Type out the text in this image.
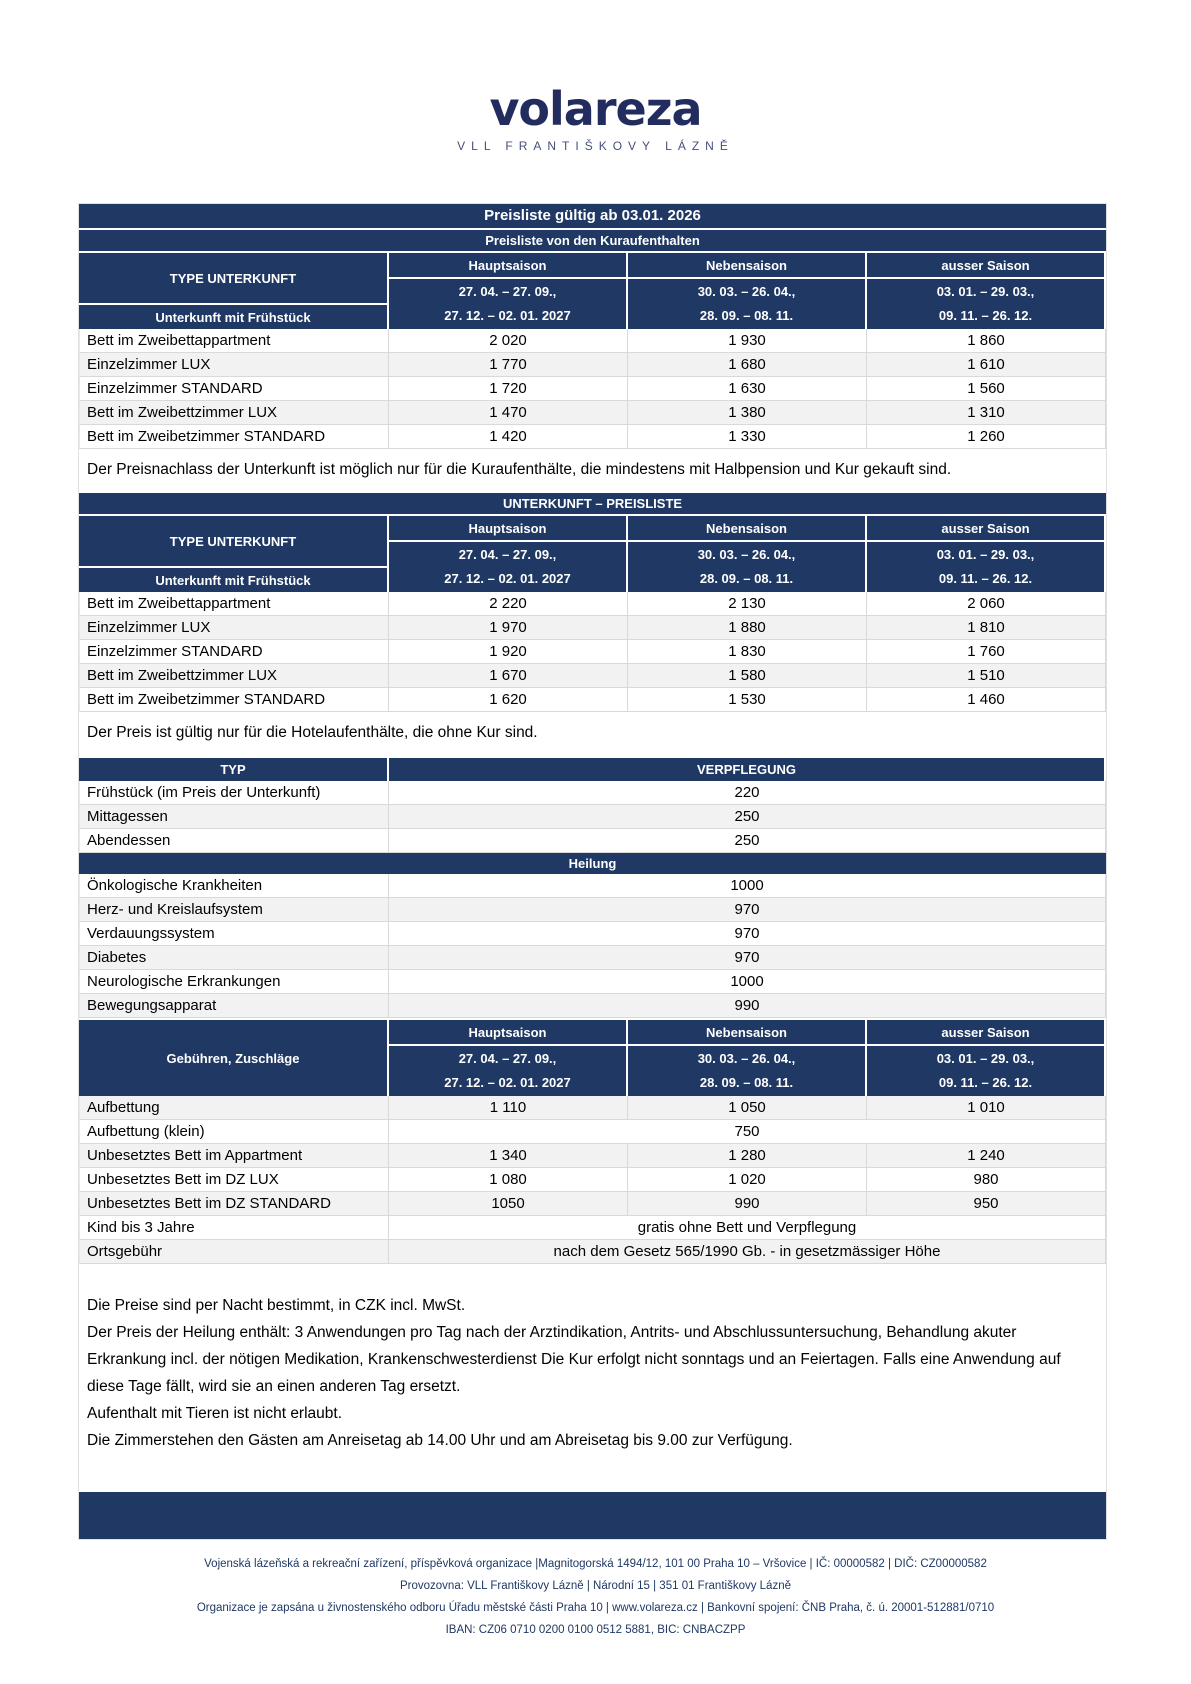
volareza
VLL FRANTIŠKOVY LÁZNĚ
Preisliste gültig ab 03.01. 2026
Preisliste von den Kuraufenthalten
TYPE UNTERKUNFT
Hauptsaison	Nebensaison	ausser Saison
27. 04. – 27. 09.,
27. 12. – 02. 01. 2027
30. 03. – 26. 04.,
28. 09. – 08. 11.
03. 01. – 29. 03.,
09. 11. – 26. 12.
Unterkunft mit Frühstück
Bett im Zweibettappartment	2 020	1 930	1 860
Einzelzimmer LUX	1 770	1 680	1 610
Einzelzimmer STANDARD	1 720	1 630	1 560
Bett im Zweibettzimmer LUX	1 470	1 380	1 310
Bett im Zweibetzimmer STANDARD	1 420	1 330	1 260
Der Preisnachlass der Unterkunft ist möglich nur für die Kuraufenthälte, die mindestens mit Halbpension und Kur gekauft sind.
UNTERKUNFT – PREISLISTE
TYPE UNTERKUNFT
Hauptsaison	Nebensaison	ausser Saison
27. 04. – 27. 09.,
27. 12. – 02. 01. 2027
30. 03. – 26. 04.,
28. 09. – 08. 11.
03. 01. – 29. 03.,
09. 11. – 26. 12.
Unterkunft mit Frühstück
Bett im Zweibettappartment	2 220	2 130	2 060
Einzelzimmer LUX	1 970	1 880	1 810
Einzelzimmer STANDARD	1 920	1 830	1 760
Bett im Zweibettzimmer LUX	1 670	1 580	1 510
Bett im Zweibetzimmer STANDARD	1 620	1 530	1 460
Der Preis ist gültig nur für die Hotelaufenthälte, die ohne Kur sind.
TYP	VERPFLEGUNG
Frühstück (im Preis der Unterkunft)	220
Mittagessen	250
Abendessen	250
Heilung
Önkologische Krankheiten	1000
Herz- und Kreislaufsystem	970
Verdauungssystem	970
Diabetes	970
Neurologische Erkrankungen	1000
Bewegungsapparat	990
Gebühren, Zuschläge
Hauptsaison	Nebensaison	ausser Saison
27. 04. – 27. 09.,
27. 12. – 02. 01. 2027
30. 03. – 26. 04.,
28. 09. – 08. 11.
03. 01. – 29. 03.,
09. 11. – 26. 12.
Aufbettung	1 110	1 050	1 010
Aufbettung (klein)	750
Unbesetztes Bett im Appartment	1 340	1 280	1 240
Unbesetztes Bett im DZ LUX	1 080	1 020	980
Unbesetztes Bett im DZ STANDARD	1050	990	950
Kind bis 3 Jahre	gratis ohne Bett und Verpflegung
Ortsgebühr	nach dem Gesetz 565/1990 Gb. - in gesetzmässiger Höhe
Die Preise sind per Nacht bestimmt, in CZK incl. MwSt.
Der Preis der Heilung enthält: 3 Anwendungen pro Tag nach der Arztindikation, Antrits- und Abschlussuntersuchung, Behandlung akuter Erkrankung incl. der nötigen Medikation, Krankenschwesterdienst Die Kur erfolgt nicht sonntags und an Feiertagen. Falls eine Anwendung auf diese Tage fällt, wird sie an einen anderen Tag ersetzt.
Aufenthalt mit Tieren ist nicht erlaubt.
Die Zimmerstehen den Gästen am Anreisetag ab 14.00 Uhr und am Abreisetag bis 9.00 zur Verfügung.
Vojenská lázeňská a rekreační zařízení, příspěvková organizace |Magnitogorská 1494/12, 101 00 Praha 10 – Vršovice | IČ: 00000582 | DIČ: CZ00000582
Provozovna: VLL Františkovy Lázně | Národní 15 | 351 01 Františkovy Lázně
Organizace je zapsána u živnostenského odboru Úřadu městské části Praha 10 | www.volareza.cz | Bankovní spojení: ČNB Praha, č. ú. 20001-512881/0710
IBAN: CZ06 0710 0200 0100 0512 5881, BIC: CNBACZPP
